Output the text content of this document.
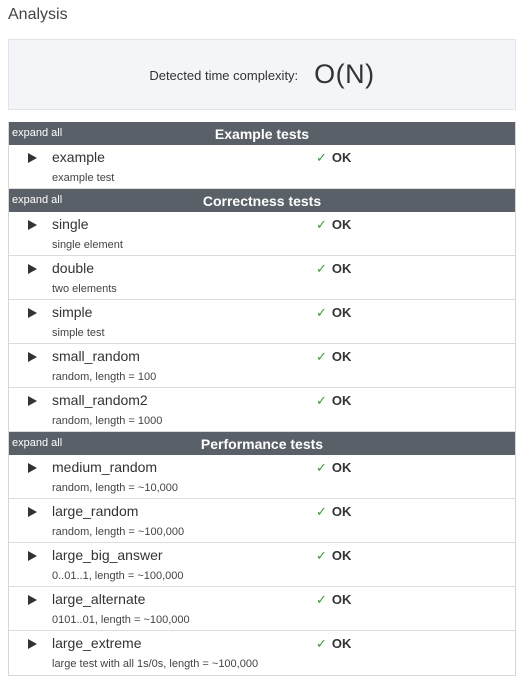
Analysis
Detected time complexity: O(N)
expand all	Example tests
example
example test
✓ OK
expand all	Correctness tests
single
single element
✓ OK
double
two elements
✓ OK
simple
simple test
✓ OK
small_random
random, length = 100
✓ OK
small_random2
random, length = 1000
✓ OK
expand all	Performance tests
medium_random
random, length = ~10,000
✓ OK
large_random
random, length = ~100,000
✓ OK
large_big_answer
0..01..1, length = ~100,000
✓ OK
large_alternate
0101..01, length = ~100,000
✓ OK
large_extreme
large test with all 1s/0s, length = ~100,000
✓ OK
